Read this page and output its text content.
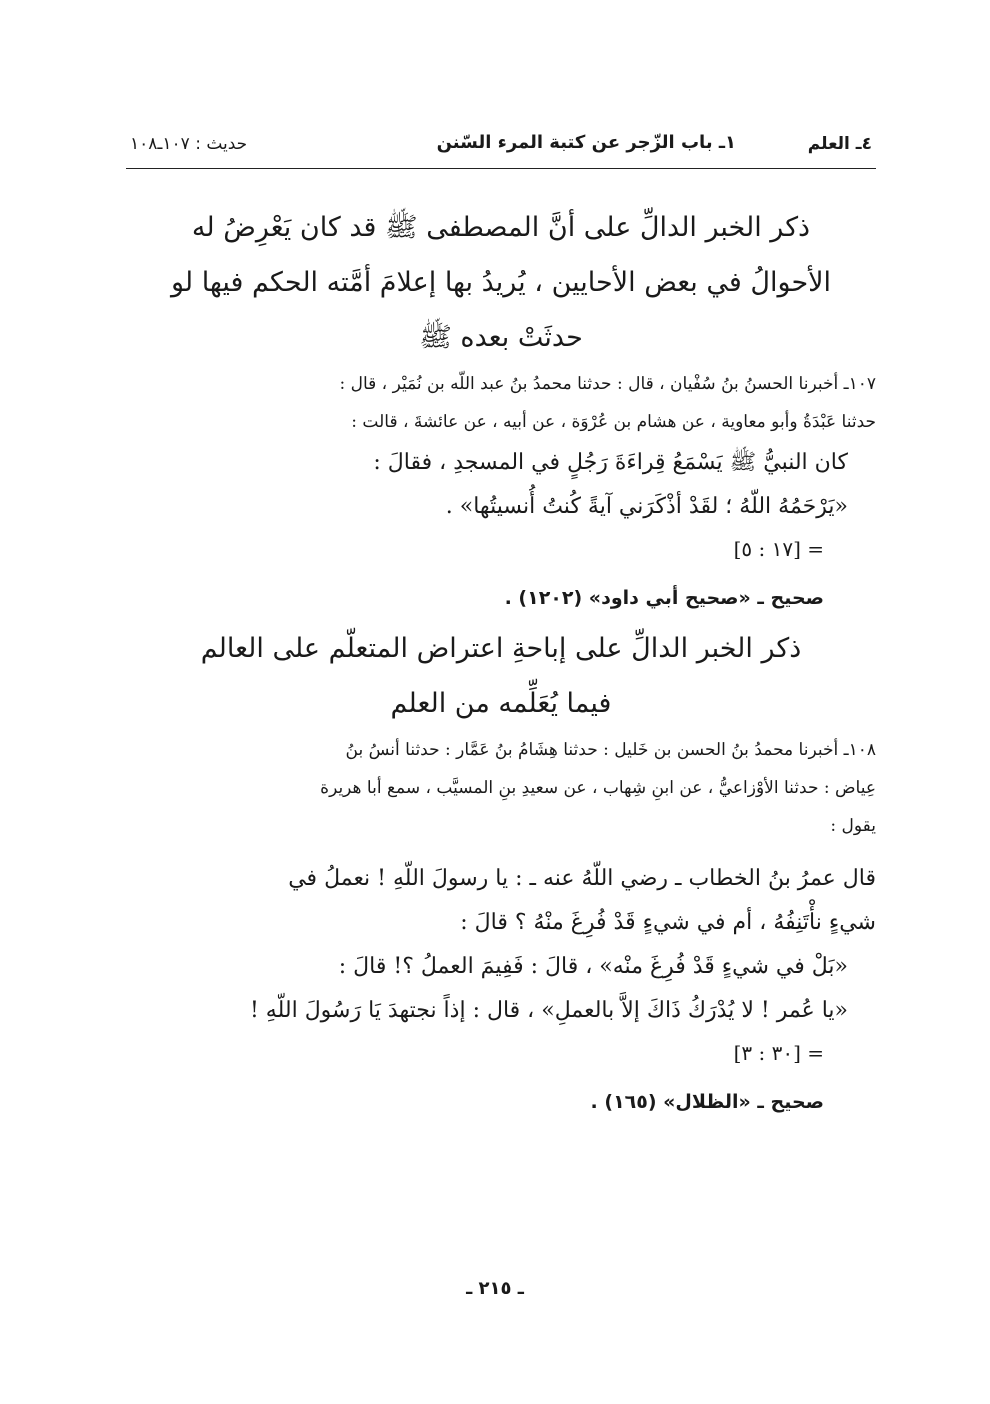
٤ـ العلم
١ـ باب الزّجر عن كتبة المرء السّنن
حديث : ١٠٧ـ١٠٨

ذكر الخبر الدالِّ على أنَّ المصطفى ﷺ قد كان يَعْرِضُ له

الأحوالُ في بعض الأحايين ، يُريدُ بها إعلامَ أمَّته الحكم فيها لو

حدثَتْ بعده ﷺ

١٠٧ـ أخبرنا الحسنُ بنُ سُفْيان ، قال : حدثنا محمدُ بنُ عبد اللّه بن نُمَيْر ، قال :

حدثنا عَبْدَةُ وأبو معاوية ، عن هشام بن عُرْوَة ، عن أبيه ، عن عائشةَ ، قالت :

كان النبيُّ ﷺ يَسْمَعُ قِراءَةَ رَجُلٍ في المسجدِ ، فقالَ :

«يَرْحَمُهُ اللّهُ ؛ لقَدْ أذْكَرَني آيةً كُنتُ أُنسيتُها» .

[١٧ : ٥] =

صحيح ـ «صحيح أبي داود» (١٢٠٢) .

ذكر الخبر الدالِّ على إباحةِ اعتراض المتعلّم على العالم

فيما يُعَلِّمه من العلم

١٠٨ـ أخبرنا محمدُ بنُ الحسن بن خَليل : حدثنا هِشَامُ بنُ عَمَّار : حدثنا أنسُ بنُ

عِياض : حدثنا الأوْزاعيُّ ، عن ابنِ شِهاب ، عن سعيدِ بنِ المسيَّب ، سمع أبا هريرة

يقول :

قال عمرُ بنُ الخطاب ـ رضي اللّهُ عنه ـ : يا رسولَ اللّهِ ! نعملُ في

شيءٍ نأْتَنِفُهُ ، أم في شيءٍ قَدْ فُرِغَ منْهُ ؟ قالَ :

«بَلْ في شيءٍ قَدْ فُرِغَ منْه» ، قالَ : فَفِيمَ العملُ ؟! قالَ :

«يا عُمر ! لا يُدْرَكُ ذَاكَ إلاَّ بالعملِ» ، قال : إذاً نجتهدَ يَا رَسُولَ اللّهِ !

[٣٠ : ٣] =

صحيح ـ «الظلال» (١٦٥) .

ـ ٢١٥ ـ
